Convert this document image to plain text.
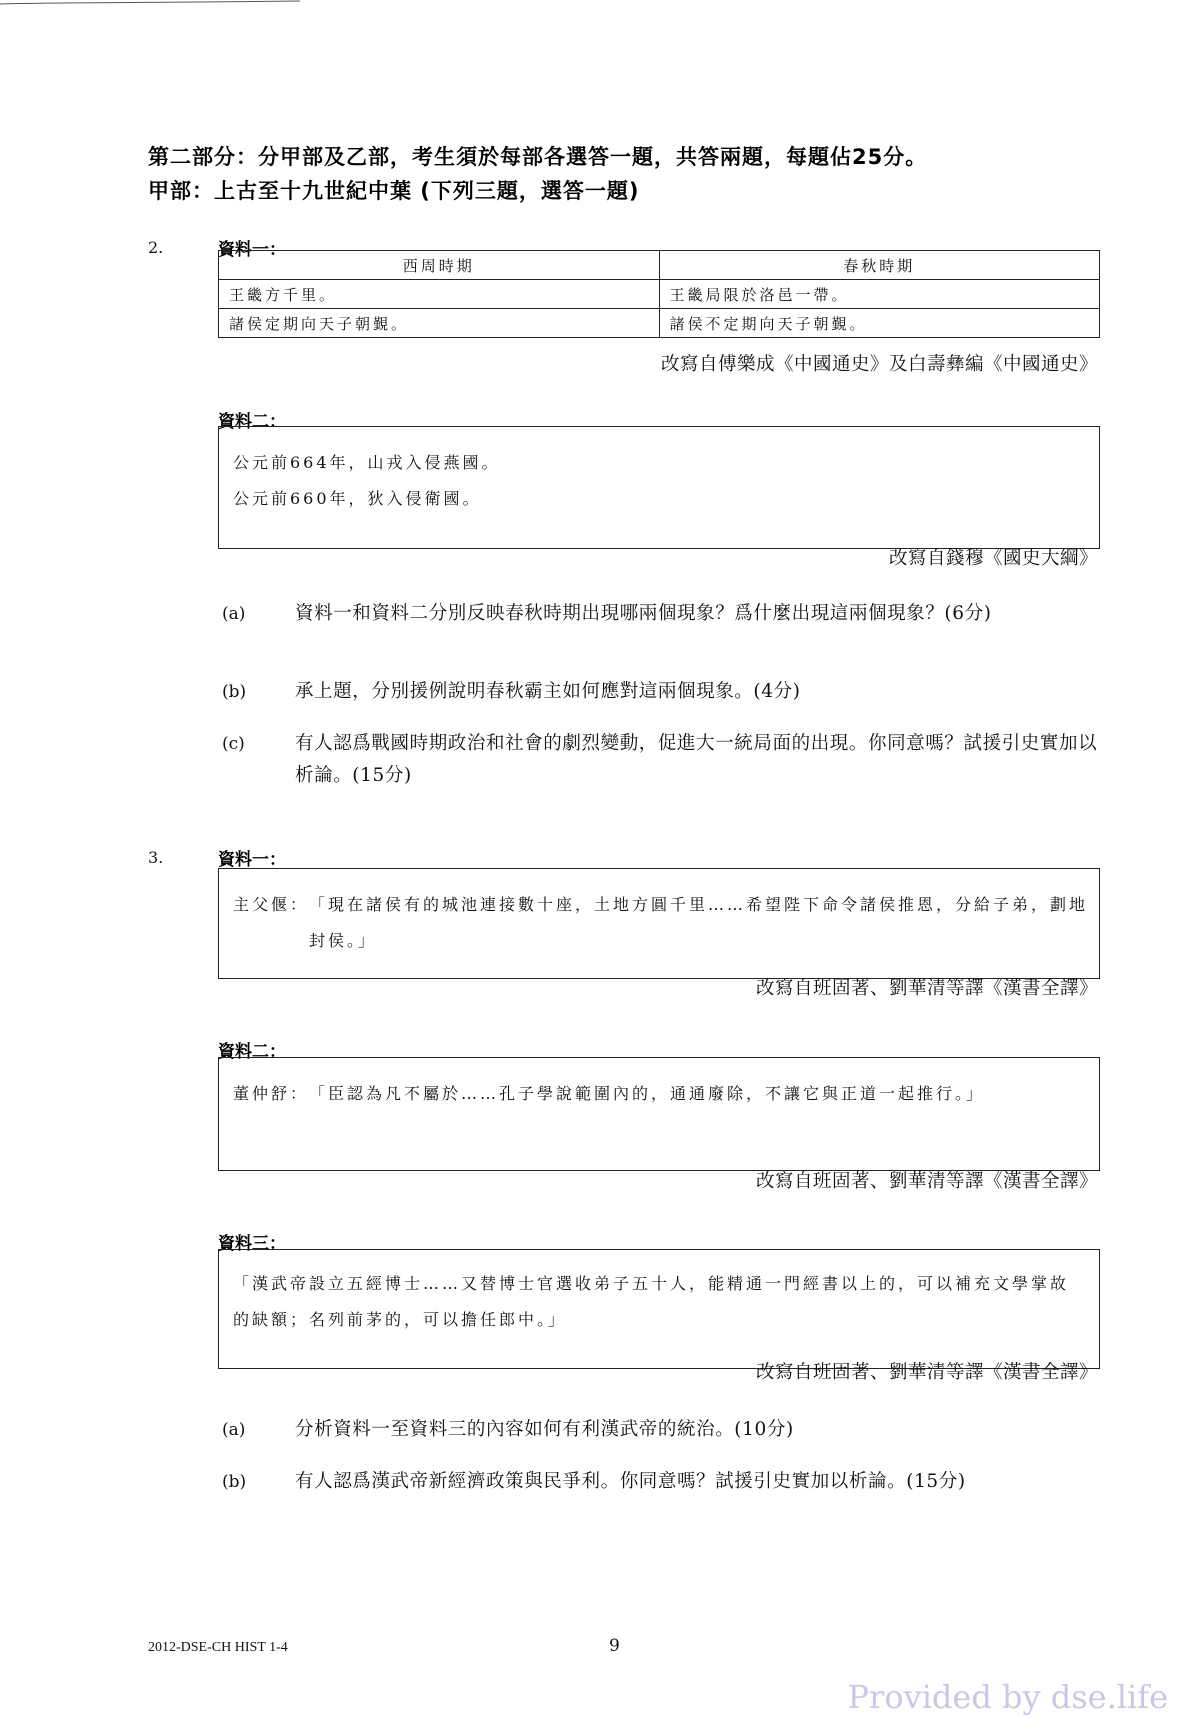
第二部分：分甲部及乙部，考生須於每部各選答一題，共答兩題，每題佔25分。
甲部：上古至十九世紀中葉 (下列三題，選答一題)
2.	資料一：
西周時期	春秋時期
王畿方千里。	王畿局限於洛邑一帶。
諸侯定期向天子朝覲。	諸侯不定期向天子朝覲。
改寫自傅樂成《中國通史》及白壽彝編《中國通史》
資料二：
公元前664年，山戎入侵燕國。
公元前660年，狄入侵衛國。
改寫自錢穆《國史大綱》
(a)	資料一和資料二分別反映春秋時期出現哪兩個現象？爲什麼出現這兩個現象？(6分)
(b)	承上題，分別援例說明春秋霸主如何應對這兩個現象。(4分)
(c)	有人認爲戰國時期政治和社會的劇烈變動，促進大一統局面的出現。你同意嗎？試援引史實加以析論。(15分)
3.	資料一：
主父偃： 「現在諸侯有的城池連接數十座，土地方圓千里……希望陛下命令諸侯推恩，分給子弟，劃地封侯。」
改寫自班固著、劉華清等譯《漢書全譯》
資料二：
董仲舒： 「臣認為凡不屬於……孔子學說範圍內的，通通廢除，不讓它與正道一起推行。」
改寫自班固著、劉華清等譯《漢書全譯》
資料三：
「漢武帝設立五經博士……又替博士官選收弟子五十人，能精通一門經書以上的，可以補充文學掌故的缺額；名列前茅的，可以擔任郎中。」
改寫自班固著、劉華清等譯《漢書全譯》
(a)	分析資料一至資料三的內容如何有利漢武帝的統治。(10分)
(b)	有人認爲漢武帝新經濟政策與民爭利。你同意嗎？試援引史實加以析論。(15分)
2012-DSE-CH HIST 1-4	9
Provided by dse.life
